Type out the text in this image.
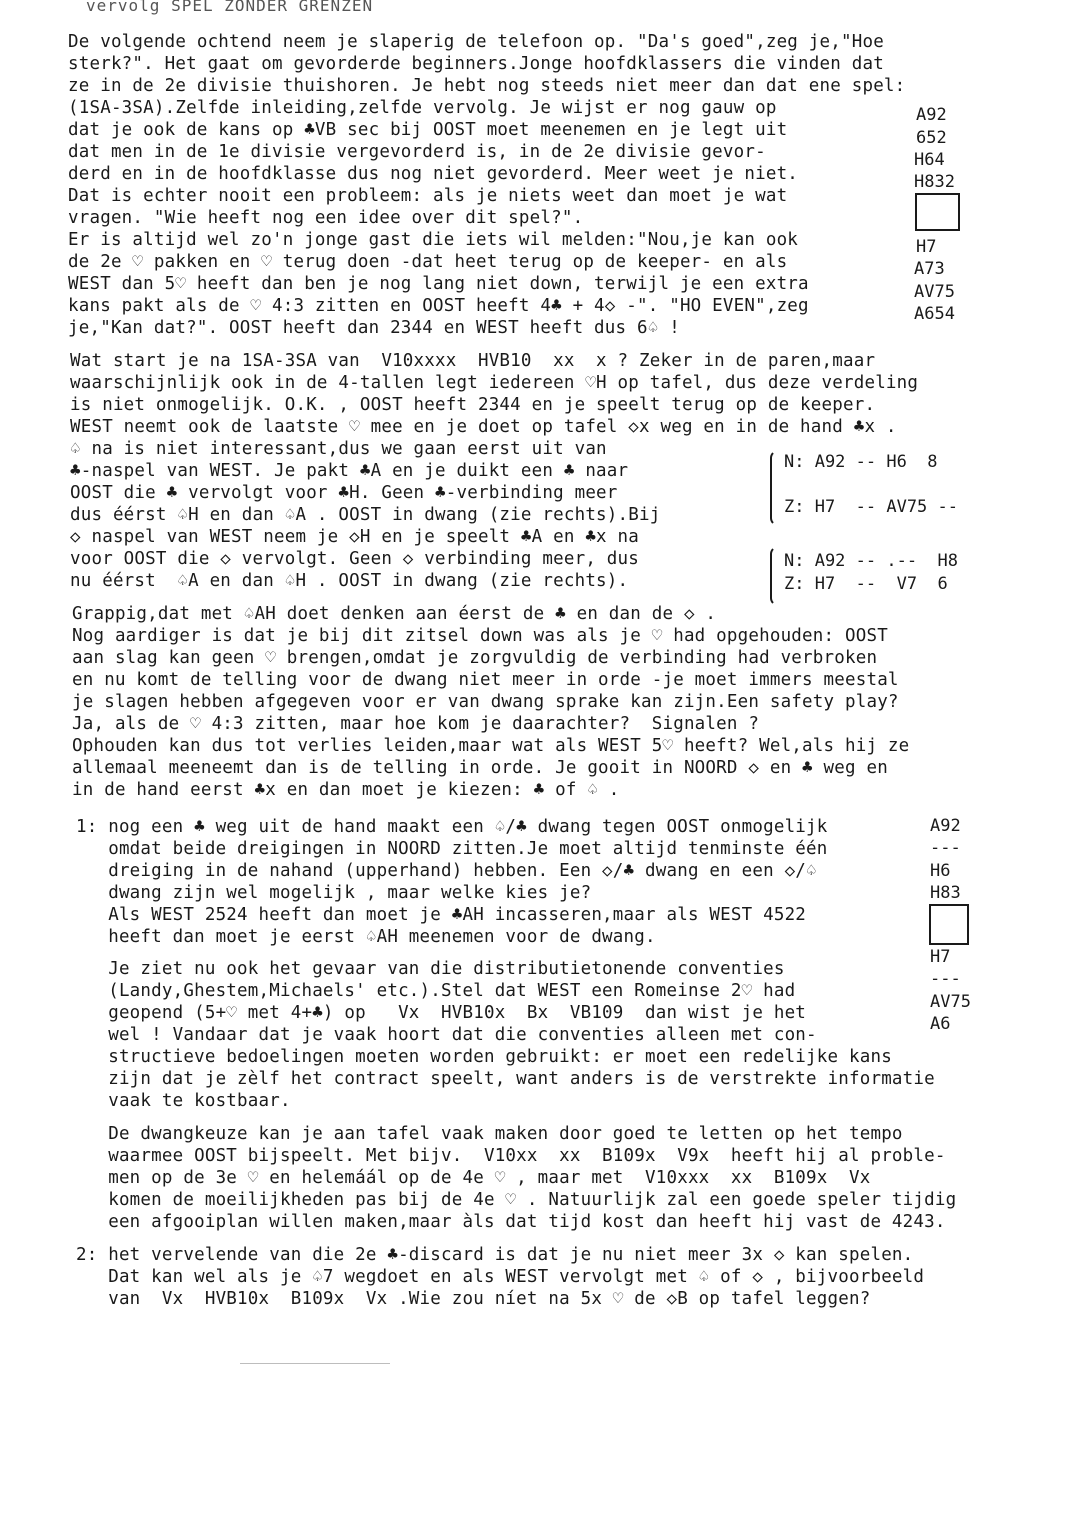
vervolg SPEL ZONDER GRENZEN
De volgende ochtend neem je slaperig de telefoon op. "Da's goed",zeg je,"Hoe
sterk?". Het gaat om gevorderde beginners.Jonge hoofdklassers die vinden dat
ze in de 2e divisie thuishoren. Je hebt nog steeds niet meer dan dat ene spel:
(1SA-3SA).Zelfde inleiding,zelfde vervolg. Je wijst er nog gauw op
dat je ook de kans op ♣VB sec bij OOST moet meenemen en je legt uit
dat men in de 1e divisie vergevorderd is, in de 2e divisie gevor-
derd en in de hoofdklasse dus nog niet gevorderd. Meer weet je niet.
Dat is echter nooit een probleem: als je niets weet dan moet je wat
vragen. "Wie heeft nog een idee over dit spel?".
Er is altijd wel zo'n jonge gast die iets wil melden:"Nou,je kan ook
de 2e ♡ pakken en ♡ terug doen -dat heet terug op de keeper- en als
WEST dan 5♡ heeft dan ben je nog lang niet down, terwijl je een extra
kans pakt als de ♡ 4:3 zitten en OOST heeft 4♣ + 4◇ -". "HO EVEN",zeg
je,"Kan dat?". OOST heeft dan 2344 en WEST heeft dus 6♤ !
Wat start je na 1SA-3SA van  V10xxxx  HVB10  xx  x ? Zeker in de paren,maar
waarschijnlijk ook in de 4-tallen legt iedereen ♡H op tafel, dus deze verdeling
is niet onmogelijk. O.K. , OOST heeft 2344 en je speelt terug op de keeper.
WEST neemt ook de laatste ♡ mee en je doet op tafel ◇x weg en in de hand ♣x .
♤ na is niet interessant,dus we gaan eerst uit van
♣-naspel van WEST. Je pakt ♣A en je duikt een ♣ naar
OOST die ♣ vervolgt voor ♣H. Geen ♣-verbinding meer
dus éérst ♤H en dan ♤A . OOST in dwang (zie rechts).Bij
◇ naspel van WEST neem je ◇H en je speelt ♣A en ♣x na
voor OOST die ◇ vervolgt. Geen ◇ verbinding meer, dus
nu éérst  ♤A en dan ♤H . OOST in dwang (zie rechts).
Grappig,dat met ♤AH doet denken aan éerst de ♣ en dan de ◇ .
Nog aardiger is dat je bij dit zitsel down was als je ♡ had opgehouden: OOST
aan slag kan geen ♡ brengen,omdat je zorgvuldig de verbinding had verbroken
en nu komt de telling voor de dwang niet meer in orde -je moet immers meestal
je slagen hebben afgegeven voor er van dwang sprake kan zijn.Een safety play?
Ja, als de ♡ 4:3 zitten, maar hoe kom je daarachter?  Signalen ?
Ophouden kan dus tot verlies leiden,maar wat als WEST 5♡ heeft? Wel,als hij ze
allemaal meeneemt dan is de telling in orde. Je gooit in NOORD ◇ en ♣ weg en
in de hand eerst ♣x en dan moet je kiezen: ♣ of ♤ .
1: nog een ♣ weg uit de hand maakt een ♤/♣ dwang tegen OOST onmogelijk
omdat beide dreigingen in NOORD zitten.Je moet altijd tenminste één
dreiging in de nahand (upperhand) hebben. Een ◇/♣ dwang en een ◇/♤
dwang zijn wel mogelijk , maar welke kies je?
Als WEST 2524 heeft dan moet je ♣AH incasseren,maar als WEST 4522
heeft dan moet je eerst ♤AH meenemen voor de dwang.
Je ziet nu ook het gevaar van die distributietonende conventies
(Landy,Ghestem,Michaels' etc.).Stel dat WEST een Romeinse 2♡ had
geopend (5+♡ met 4+♣) op   Vx  HVB10x  Bx  VB109  dan wist je het
wel ! Vandaar dat je vaak hoort dat die conventies alleen met con-
structieve bedoelingen moeten worden gebruikt: er moet een redelijke kans
zijn dat je zèlf het contract speelt, want anders is de verstrekte informatie
vaak te kostbaar.
De dwangkeuze kan je aan tafel vaak maken door goed te letten op het tempo
waarmee OOST bijspeelt. Met bijv.  V10xx  xx  B109x  V9x  heeft hij al proble-
men op de 3e ♡ en helemáál op de 4e ♡ , maar met  V10xxx  xx  B109x  Vx
komen de moeilijkheden pas bij de 4e ♡ . Natuurlijk zal een goede speler tijdig
een afgooiplan willen maken,maar àls dat tijd kost dan heeft hij vast de 4243.
2: het vervelende van die 2e ♣-discard is dat je nu niet meer 3x ◇ kan spelen.
Dat kan wel als je ♤7 wegdoet en als WEST vervolgt met ♤ of ◇ , bijvoorbeeld
van  Vx  HVB10x  B109x  Vx .Wie zou níet na 5x ♡ de ◇B op tafel leggen?
A92
652
H64
H832
H7
A73
AV75
A654
N: A92 -- H6  8
Z: H7  -- AV75 --
N: A92 -- .--  H8
Z: H7  --  V7  6
A92
---
H6
H83
H7
---
AV75
A6
